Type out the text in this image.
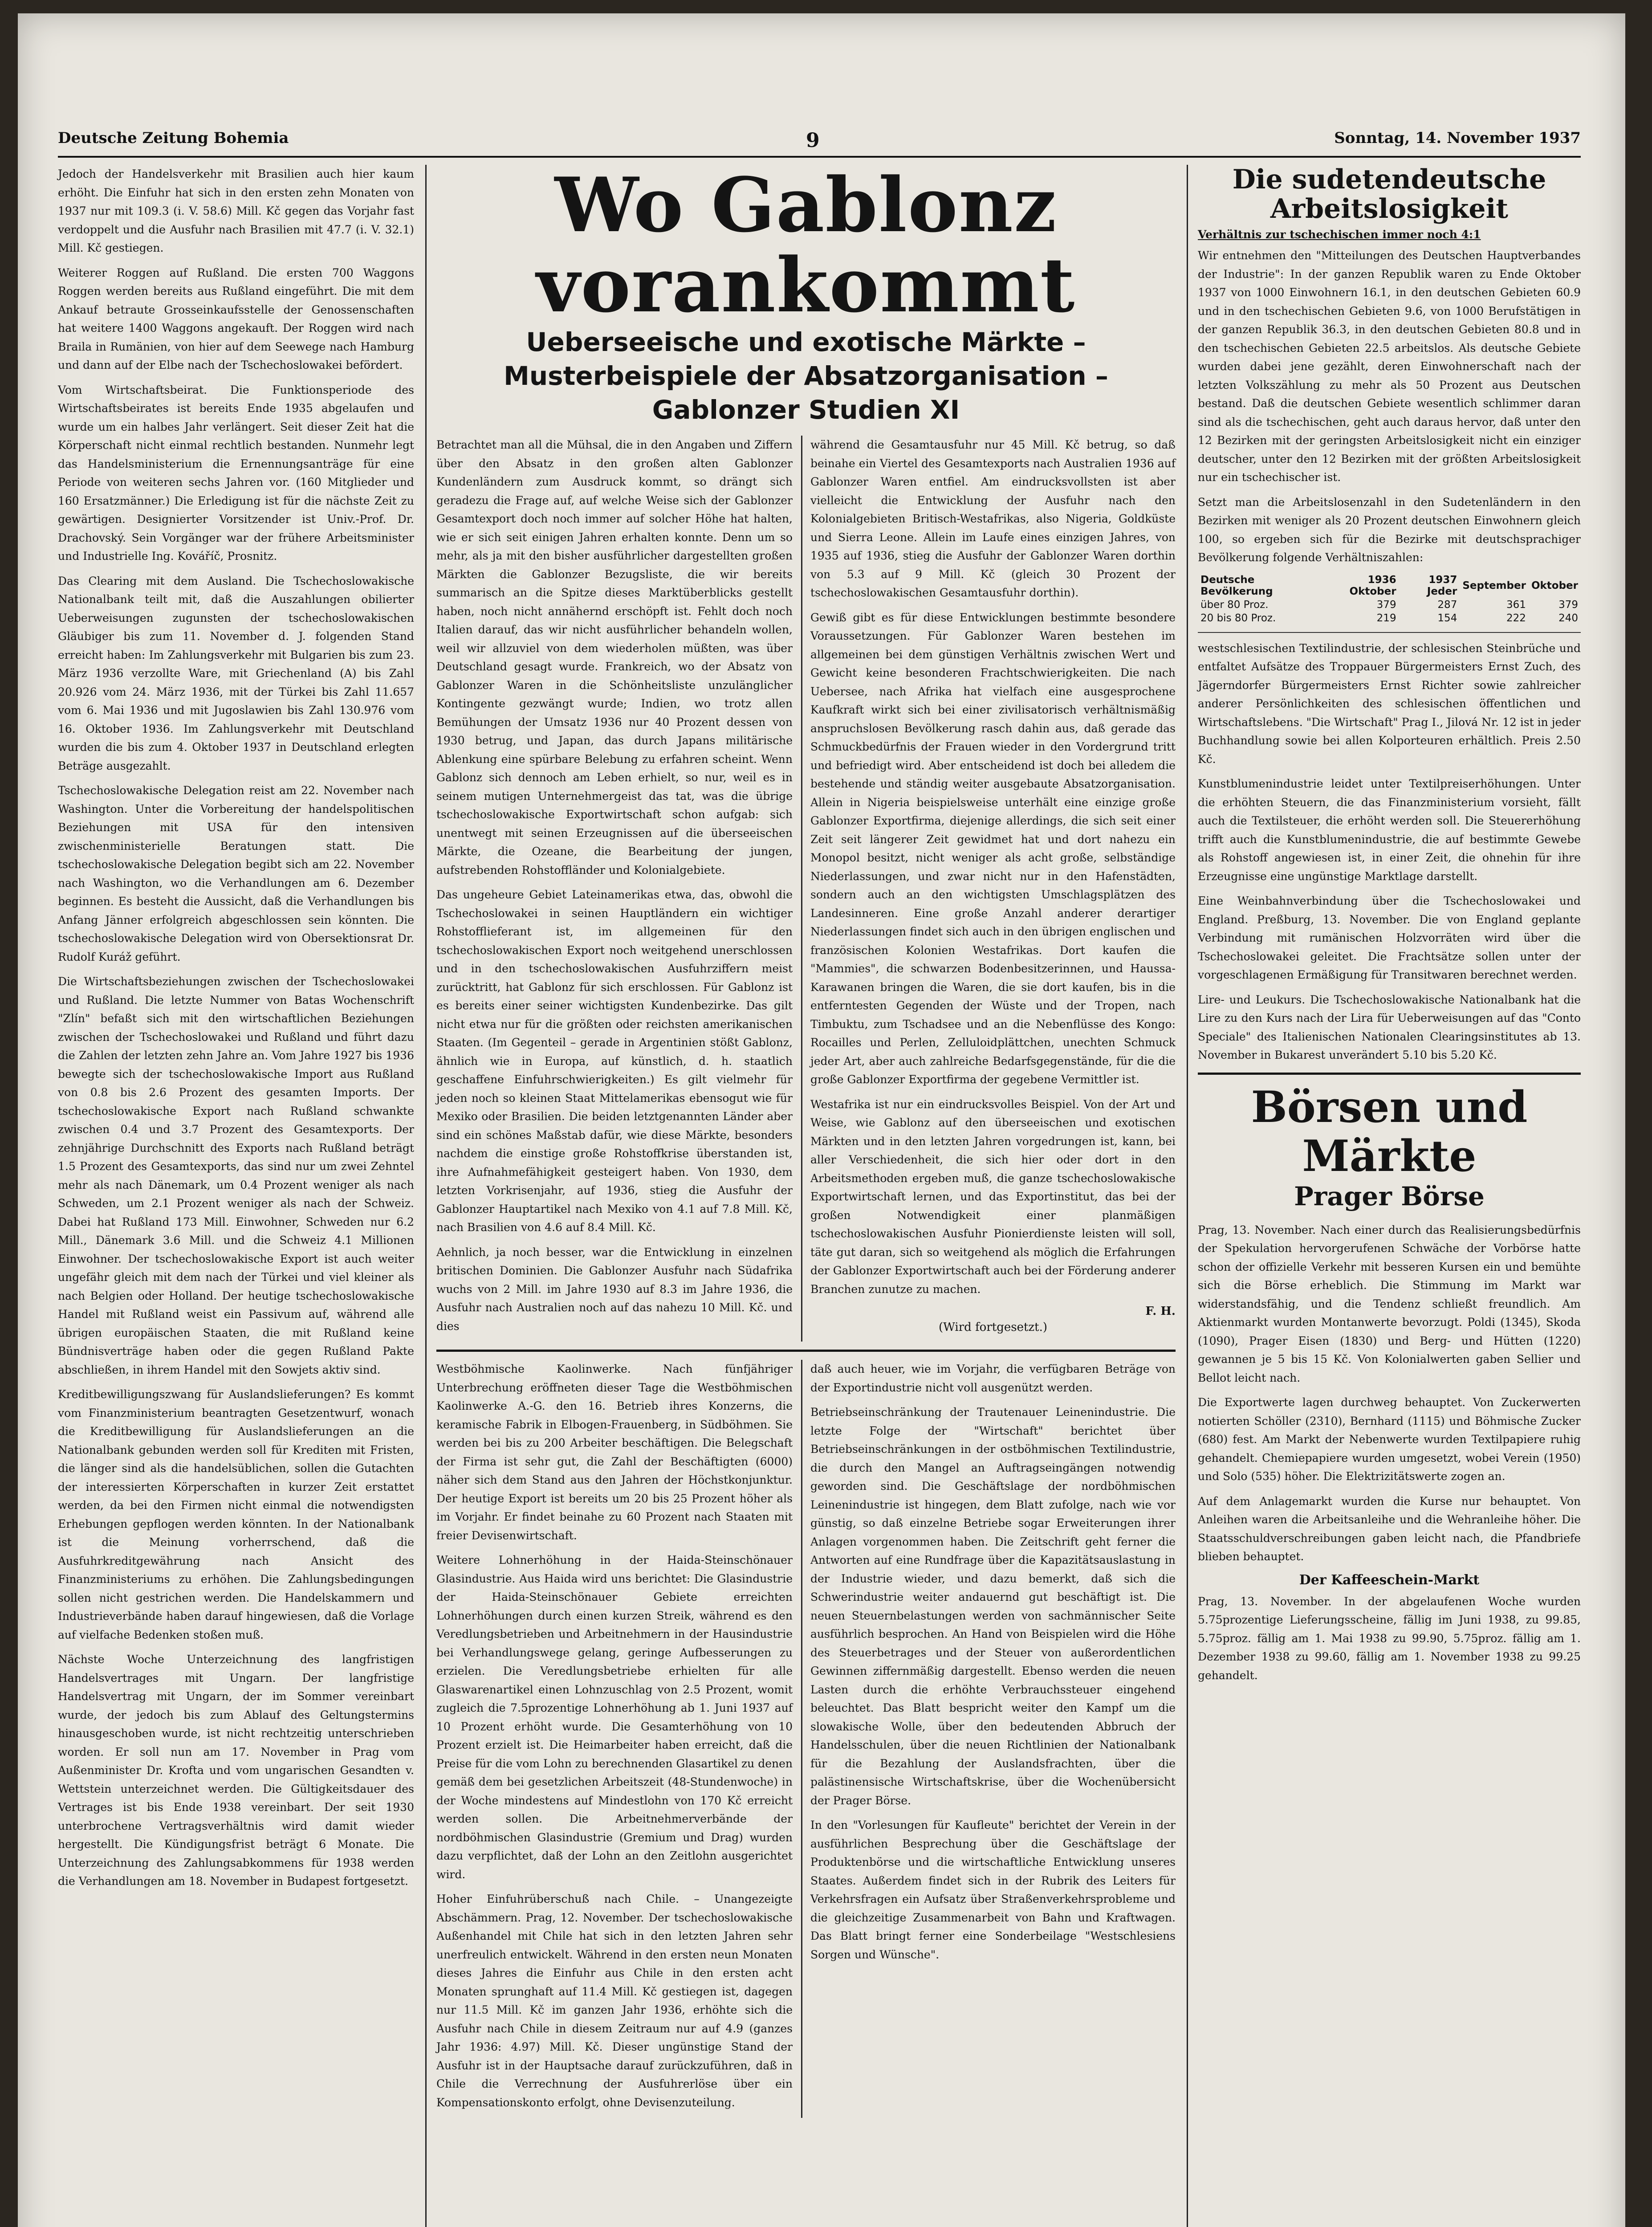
Deutsche Zeitung Bohemia	9	Sonntag, 14. November 1937

Jedoch der Handelsverkehr mit Brasilien auch hier kaum erhöht. Die Einfuhr hat sich in den ersten zehn Monaten von 1937 nur mit 109.3 (i. V. 58.6) Mill. Kč gegen das Vorjahr fast verdoppelt und die Ausfuhr nach Brasilien mit 47.7 (i. V. 32.1) Mill. Kč gestiegen.

Weiterer Roggen auf Rußland. Die ersten 700 Waggons Roggen werden bereits aus Rußland eingeführt. Die mit dem Ankauf betraute Grosseinkaufsstelle der Genossenschaften hat weitere 1400 Waggons angekauft. Der Roggen wird nach Braila in Rumänien, von hier auf dem Seewege nach Hamburg und dann auf der Elbe nach der Tschechoslowakei befördert.

Vom Wirtschaftsbeirat. Die Funktionsperiode des Wirtschaftsbeirates ist bereits Ende 1935 abgelaufen und wurde um ein halbes Jahr verlängert. Seit dieser Zeit hat die Körperschaft nicht einmal rechtlich bestanden. Nunmehr legt das Handelsministerium die Ernennungsanträge für eine Periode von weiteren sechs Jahren vor. (160 Mitglieder und 160 Ersatzmänner.) Die Erledigung ist für die nächste Zeit zu gewärtigen. Designierter Vorsitzender ist Univ.-Prof. Dr. Drachovský. Sein Vorgänger war der frühere Arbeitsminister und Industrielle Ing. Kováříč, Prosnitz.

Das Clearing mit dem Ausland. Die Tschechoslowakische Nationalbank teilt mit, daß die Auszahlungen obilierter Ueberweisungen zugunsten der tschechoslowakischen Gläubiger bis zum 11. November d. J. folgenden Stand erreicht haben: Im Zahlungsverkehr mit Bulgarien bis zum 23. März 1936 verzollte Ware, mit Griechenland (A) bis Zahl 20.926 vom 24. März 1936, mit der Türkei bis Zahl 11.657 vom 6. Mai 1936 und mit Jugoslawien bis Zahl 130.976 vom 16. Oktober 1936. Im Zahlungsverkehr mit Deutschland wurden die bis zum 4. Oktober 1937 in Deutschland erlegten Beträge ausgezahlt.

Tschechoslowakische Delegation reist am 22. November nach Washington. Unter die Vorbereitung der handelspolitischen Beziehungen mit USA für den intensiven zwischenministerielle Beratungen statt. Die tschechoslowakische Delegation begibt sich am 22. November nach Washington, wo die Verhandlungen am 6. Dezember beginnen. Es besteht die Aussicht, daß die Verhandlungen bis Anfang Jänner erfolgreich abgeschlossen sein könnten. Die tschechoslowakische Delegation wird von Obersektionsrat Dr. Rudolf Kuráž geführt.

Die Wirtschaftsbeziehungen zwischen der Tschechoslowakei und Rußland. Die letzte Nummer von Batas Wochenschrift "Zlín" befaßt sich mit den wirtschaftlichen Beziehungen zwischen der Tschechoslowakei und Rußland und führt dazu die Zahlen der letzten zehn Jahre an. Vom Jahre 1927 bis 1936 bewegte sich der tschechoslowakische Import aus Rußland von 0.8 bis 2.6 Prozent des gesamten Imports. Der tschechoslowakische Export nach Rußland schwankte zwischen 0.4 und 3.7 Prozent des Gesamtexports. Der zehnjährige Durchschnitt des Exports nach Rußland beträgt 1.5 Prozent des Gesamtexports, das sind nur um zwei Zehntel mehr als nach Dänemark, um 0.4 Prozent weniger als nach Schweden, um 2.1 Prozent weniger als nach der Schweiz. Dabei hat Rußland 173 Mill. Einwohner, Schweden nur 6.2 Mill., Dänemark 3.6 Mill. und die Schweiz 4.1 Millionen Einwohner. Der tschechoslowakische Export ist auch weiter ungefähr gleich mit dem nach der Türkei und viel kleiner als nach Belgien oder Holland. Der heutige tschechoslowakische Handel mit Rußland weist ein Passivum auf, während alle übrigen europäischen Staaten, die mit Rußland keine Bündnisverträge haben oder die gegen Rußland Pakte abschließen, in ihrem Handel mit den Sowjets aktiv sind.

Kreditbewilligungszwang für Auslandslieferungen? Es kommt vom Finanzministerium beantragten Gesetzentwurf, wonach die Kreditbewilligung für Auslandslieferungen an die Nationalbank gebunden werden soll für Krediten mit Fristen, die länger sind als die handelsüblichen, sollen die Gutachten der interessierten Körperschaften in kurzer Zeit erstattet werden, da bei den Firmen nicht einmal die notwendigsten Erhebungen gepflogen werden könnten. In der Nationalbank ist die Meinung vorherrschend, daß die Ausfuhrkreditgewährung nach Ansicht des Finanzministeriums zu erhöhen. Die Zahlungsbedingungen sollen nicht gestrichen werden. Die Handelskammern und Industrieverbände haben darauf hingewiesen, daß die Vorlage auf vielfache Bedenken stoßen muß.

Nächste Woche Unterzeichnung des langfristigen Handelsvertrages mit Ungarn. Der langfristige Handelsvertrag mit Ungarn, der im Sommer vereinbart wurde, der jedoch bis zum Ablauf des Geltungstermins hinausgeschoben wurde, ist nicht rechtzeitig unterschrieben worden. Er soll nun am 17. November in Prag vom Außenminister Dr. Krofta und vom ungarischen Gesandten v. Wettstein unterzeichnet werden. Die Gültigkeitsdauer des Vertrages ist bis Ende 1938 vereinbart. Der seit 1930 unterbrochene Vertragsverhältnis wird damit wieder hergestellt. Die Kündigungsfrist beträgt 6 Monate. Die Unterzeichnung des Zahlungsabkommens für 1938 werden die Verhandlungen am 18. November in Budapest fortgesetzt.

Wo Gablonz vorankommt

Ueberseeische und exotische Märkte – Musterbeispiele der Absatzorganisation – Gablonzer Studien XI

Betrachtet man all die Mühsal, die in den Angaben und Ziffern über den Absatz in den großen alten Gablonzer Kundenländern zum Ausdruck kommt, so drängt sich geradezu die Frage auf, auf welche Weise sich der Gablonzer Gesamtexport doch noch immer auf solcher Höhe hat halten, wie er sich seit einigen Jahren erhalten konnte. Denn um so mehr, als ja mit den bisher ausführlicher dargestellten großen Märkten die Gablonzer Bezugsliste, die wir bereits summarisch an die Spitze dieses Marktüberblicks gestellt haben, noch nicht annähernd erschöpft ist. Fehlt doch noch Italien darauf, das wir nicht ausführlicher behandeln wollen, weil wir allzuviel von dem wiederholen müßten, was über Deutschland gesagt wurde. Frankreich, wo der Absatz von Gablonzer Waren in die Schönheitsliste unzulänglicher Kontingente gezwängt wurde; Indien, wo trotz allen Bemühungen der Umsatz 1936 nur 40 Prozent dessen von 1930 betrug, und Japan, das durch Japans militärische Ablenkung eine spürbare Belebung zu erfahren scheint. Wenn Gablonz sich dennoch am Leben erhielt, so nur, weil es in seinem mutigen Unternehmergeist das tat, was die übrige tschechoslowakische Exportwirtschaft schon aufgab: sich unentwegt mit seinen Erzeugnissen auf die überseeischen Märkte, die Ozeane, die Bearbeitung der jungen, aufstrebenden Rohstoffländer und Kolonialgebiete.

Das ungeheure Gebiet Lateinamerikas etwa, das, obwohl die Tschechoslowakei in seinen Hauptländern ein wichtiger Rohstofflieferant ist, im allgemeinen für den tschechoslowakischen Export noch weitgehend unerschlossen und in den tschechoslowakischen Ausfuhrziffern meist zurücktritt, hat Gablonz für sich erschlossen. Für Gablonz ist es bereits einer seiner wichtigsten Kundenbezirke. Das gilt nicht etwa nur für die größten oder reichsten amerikanischen Staaten. (Im Gegenteil – gerade in Argentinien stößt Gablonz, ähnlich wie in Europa, auf künstlich, d. h. staatlich geschaffene Einfuhrschwierigkeiten.) Es gilt vielmehr für jeden noch so kleinen Staat Mittelamerikas ebensogut wie für Mexiko oder Brasilien. Die beiden letztgenannten Länder aber sind ein schönes Maßstab dafür, wie diese Märkte, besonders nachdem die einstige große Rohstoffkrise überstanden ist, ihre Aufnahmefähigkeit gesteigert haben. Von 1930, dem letzten Vorkrisenjahr, auf 1936, stieg die Ausfuhr der Gablonzer Hauptartikel nach Mexiko von 4.1 auf 7.8 Mill. Kč, nach Brasilien von 4.6 auf 8.4 Mill. Kč.

Aehnlich, ja noch besser, war die Entwicklung in einzelnen britischen Dominien. Die Gablonzer Ausfuhr nach Südafrika wuchs von 2 Mill. im Jahre 1930 auf 8.3 im Jahre 1936, die Ausfuhr nach Australien noch auf das nahezu 10 Mill. Kč. und dies

während die Gesamtausfuhr nur 45 Mill. Kč betrug, so daß beinahe ein Viertel des Gesamtexports nach Australien 1936 auf Gablonzer Waren entfiel. Am eindrucksvollsten ist aber vielleicht die Entwicklung der Ausfuhr nach den Kolonialgebieten Britisch-Westafrikas, also Nigeria, Goldküste und Sierra Leone. Allein im Laufe eines einzigen Jahres, von 1935 auf 1936, stieg die Ausfuhr der Gablonzer Waren dorthin von 5.3 auf 9 Mill. Kč (gleich 30 Prozent der tschechoslowakischen Gesamtausfuhr dorthin).

Gewiß gibt es für diese Entwicklungen bestimmte besondere Voraussetzungen. Für Gablonzer Waren bestehen im allgemeinen bei dem günstigen Verhältnis zwischen Wert und Gewicht keine besonderen Frachtschwierigkeiten. Die nach Uebersee, nach Afrika hat vielfach eine ausgesprochene Kaufkraft wirkt sich bei einer zivilisatorisch verhältnismäßig anspruchslosen Bevölkerung rasch dahin aus, daß gerade das Schmuckbedürfnis der Frauen wieder in den Vordergrund tritt und befriedigt wird. Aber entscheidend ist doch bei alledem die bestehende und ständig weiter ausgebaute Absatzorganisation. Allein in Nigeria beispielsweise unterhält eine einzige große Gablonzer Exportfirma, diejenige allerdings, die sich seit einer Zeit seit längerer Zeit gewidmet hat und dort nahezu ein Monopol besitzt, nicht weniger als acht große, selbständige Niederlassungen, und zwar nicht nur in den Hafenstädten, sondern auch an den wichtigsten Umschlagsplätzen des Landesinneren. Eine große Anzahl anderer derartiger Niederlassungen findet sich auch in den übrigen englischen und französischen Kolonien Westafrikas. Dort kaufen die "Mammies", die schwarzen Bodenbesitzerinnen, und Haussa-Karawanen bringen die Waren, die sie dort kaufen, bis in die entferntesten Gegenden der Wüste und der Tropen, nach Timbuktu, zum Tschadsee und an die Nebenflüsse des Kongo: Rocailles und Perlen, Zelluloidplättchen, unechten Schmuck jeder Art, aber auch zahlreiche Bedarfsgegenstände, für die die große Gablonzer Exportfirma der gegebene Vermittler ist.

Westafrika ist nur ein eindrucksvolles Beispiel. Von der Art und Weise, wie Gablonz auf den überseeischen und exotischen Märkten und in den letzten Jahren vorgedrungen ist, kann, bei aller Verschiedenheit, die sich hier oder dort in den Arbeitsmethoden ergeben muß, die ganze tschechoslowakische Exportwirtschaft lernen, und das Exportinstitut, das bei der großen Notwendigkeit einer planmäßigen tschechoslowakischen Ausfuhr Pionierdienste leisten will soll, täte gut daran, sich so weitgehend als möglich die Erfahrungen der Gablonzer Exportwirtschaft auch bei der Förderung anderer Branchen zunutze zu machen.

F. H.

(Wird fortgesetzt.)

Westböhmische Kaolinwerke. Nach fünfjähriger Unterbrechung eröffneten dieser Tage die Westböhmischen Kaolinwerke A.-G. den 16. Betrieb ihres Konzerns, die keramische Fabrik in Elbogen-Frauenberg, in Südböhmen. Sie werden bei bis zu 200 Arbeiter beschäftigen. Die Belegschaft der Firma ist sehr gut, die Zahl der Beschäftigten (6000) näher sich dem Stand aus den Jahren der Höchstkonjunktur. Der heutige Export ist bereits um 20 bis 25 Prozent höher als im Vorjahr. Er findet beinahe zu 60 Prozent nach Staaten mit freier Devisenwirtschaft.

Weitere Lohnerhöhung in der Haida-Steinschönauer Glasindustrie. Aus Haida wird uns berichtet: Die Glasindustrie der Haida-Steinschönauer Gebiete erreichten Lohnerhöhungen durch einen kurzen Streik, während es den Veredlungsbetrieben und Arbeitnehmern in der Hausindustrie bei Verhandlungswege gelang, geringe Aufbesserungen zu erzielen. Die Veredlungsbetriebe erhielten für alle Glaswarenartikel einen Lohnzuschlag von 2.5 Prozent, womit zugleich die 7.5prozentige Lohnerhöhung ab 1. Juni 1937 auf 10 Prozent erhöht wurde. Die Gesamterhöhung von 10 Prozent erzielt ist. Die Heimarbeiter haben erreicht, daß die Preise für die vom Lohn zu berechnenden Glasartikel zu denen gemäß dem bei gesetzlichen Arbeitszeit (48-Stundenwoche) in der Woche mindestens auf Mindestlohn von 170 Kč erreicht werden sollen. Die Arbeitnehmerverbände der nordböhmischen Glasindustrie (Gremium und Drag) wurden dazu verpflichtet, daß der Lohn an den Zeitlohn ausgerichtet wird.

Hoher Einfuhrüberschuß nach Chile. – Unangezeigte Abschämmern. Prag, 12. November. Der tschechoslowakische Außenhandel mit Chile hat sich in den letzten Jahren sehr unerfreulich entwickelt. Während in den ersten neun Monaten dieses Jahres die Einfuhr aus Chile in den ersten acht Monaten sprunghaft auf 11.4 Mill. Kč gestiegen ist, dagegen nur 11.5 Mill. Kč im ganzen Jahr 1936, erhöhte sich die Ausfuhr nach Chile in diesem Zeitraum nur auf 4.9 (ganzes Jahr 1936: 4.97) Mill. Kč. Dieser ungünstige Stand der Ausfuhr ist in der Hauptsache darauf zurückzuführen, daß in Chile die Verrechnung der Ausfuhrerlöse über ein Kompensationskonto erfolgt, ohne Devisenzuteilung.

daß auch heuer, wie im Vorjahr, die verfügbaren Beträge von der Exportindustrie nicht voll ausgenützt werden.

Betriebseinschränkung der Trautenauer Leinenindustrie. Die letzte Folge der "Wirtschaft" berichtet über Betriebseinschränkungen in der ostböhmischen Textilindustrie, die durch den Mangel an Auftragseingängen notwendig geworden sind. Die Geschäftslage der nordböhmischen Leinenindustrie ist hingegen, dem Blatt zufolge, nach wie vor günstig, so daß einzelne Betriebe sogar Erweiterungen ihrer Anlagen vorgenommen haben. Die Zeitschrift geht ferner die Antworten auf eine Rundfrage über die Kapazitätsauslastung in der Industrie wieder, und dazu bemerkt, daß sich die Schwerindustrie weiter andauernd gut beschäftigt ist. Die neuen Steuernbelastungen werden von sachmännischer Seite ausführlich besprochen. An Hand von Beispielen wird die Höhe des Steuerbetrages und der Steuer von außerordentlichen Gewinnen ziffernmäßig dargestellt. Ebenso werden die neuen Lasten durch die erhöhte Verbrauchssteuer eingehend beleuchtet. Das Blatt bespricht weiter den Kampf um die slowakische Wolle, über den bedeutenden Abbruch der Handelsschulen, über die neuen Richtlinien der Nationalbank für die Bezahlung der Auslandsfrachten, über die palästinensische Wirtschaftskrise, über die Wochenübersicht der Prager Börse.

In den "Vorlesungen für Kaufleute" berichtet der Verein in der ausführlichen Besprechung über die Geschäftslage der Produktenbörse und die wirtschaftliche Entwicklung unseres Staates. Außerdem findet sich in der Rubrik des Leiters für Verkehrsfragen ein Aufsatz über Straßenverkehrsprobleme und die gleichzeitige Zusammenarbeit von Bahn und Kraftwagen. Das Blatt bringt ferner eine Sonderbeilage "Westschlesiens Sorgen und Wünsche".

Die sudetendeutsche Arbeitslosigkeit

Verhältnis zur tschechischen immer noch 4:1

Wir entnehmen den "Mitteilungen des Deutschen Hauptverbandes der Industrie": In der ganzen Republik waren zu Ende Oktober 1937 von 1000 Einwohnern 16.1, in den deutschen Gebieten 60.9 und in den tschechischen Gebieten 9.6, von 1000 Berufstätigen in der ganzen Republik 36.3, in den deutschen Gebieten 80.8 und in den tschechischen Gebieten 22.5 arbeitslos. Als deutsche Gebiete wurden dabei jene gezählt, deren Einwohnerschaft nach der letzten Volkszählung zu mehr als 50 Prozent aus Deutschen bestand. Daß die deutschen Gebiete wesentlich schlimmer daran sind als die tschechischen, geht auch daraus hervor, daß unter den 12 Bezirken mit der geringsten Arbeitslosigkeit nicht ein einziger deutscher, unter den 12 Bezirken mit der größten Arbeitslosigkeit nur ein tschechischer ist.

Setzt man die Arbeitslosenzahl in den Sudetenländern in den Bezirken mit weniger als 20 Prozent deutschen Einwohnern gleich 100, so ergeben sich für die Bezirke mit deutschsprachiger Bevölkerung folgende Verhältniszahlen:

Deutsche Bevölkerung	1936 Oktober	1937 Jeder	September	Oktober
über 80 Proz.	379	287	361	379
20 bis 80 Proz.	219	154	222	240

westschlesischen Textilindustrie, der schlesischen Steinbrüche und entfaltet Aufsätze des Troppauer Bürgermeisters Ernst Zuch, des Jägerndorfer Bürgermeisters Ernst Richter sowie zahlreicher anderer Persönlichkeiten des schlesischen öffentlichen und Wirtschaftslebens. "Die Wirtschaft" Prag I., Jilová Nr. 12 ist in jeder Buchhandlung sowie bei allen Kolporteuren erhältlich. Preis 2.50 Kč.

Kunstblumenindustrie leidet unter Textilpreiserhöhungen. Unter die erhöhten Steuern, die das Finanzministerium vorsieht, fällt auch die Textilsteuer, die erhöht werden soll. Die Steuererhöhung trifft auch die Kunstblumenindustrie, die auf bestimmte Gewebe als Rohstoff angewiesen ist, in einer Zeit, die ohnehin für ihre Erzeugnisse eine ungünstige Marktlage darstellt.

Eine Weinbahnverbindung über die Tschechoslowakei und England. Preßburg, 13. November. Die von England geplante Verbindung mit rumänischen Holzvorräten wird über die Tschechoslowakei geleitet. Die Frachtsätze sollen unter der vorgeschlagenen Ermäßigung für Transitwaren berechnet werden.

Lire- und Leukurs. Die Tschechoslowakische Nationalbank hat die Lire zu den Kurs nach der Lira für Ueberweisungen auf das "Conto Speciale" des Italienischen Nationalen Clearingsinstitutes ab 13. November in Bukarest unverändert 5.10 bis 5.20 Kč.

Börsen und Märkte
Prager Börse

Prag, 13. November. Nach einer durch das Realisierungsbedürfnis der Spekulation hervorgerufenen Schwäche der Vorbörse hatte schon der offizielle Verkehr mit besseren Kursen ein und bemühte sich die Börse erheblich. Die Stimmung im Markt war widerstandsfähig, und die Tendenz schließt freundlich. Am Aktienmarkt wurden Montanwerte bevorzugt. Poldi (1345), Skoda (1090), Prager Eisen (1830) und Berg- und Hütten (1220) gewannen je 5 bis 15 Kč. Von Kolonialwerten gaben Sellier und Bellot leicht nach.

Die Exportwerte lagen durchweg behauptet. Von Zuckerwerten notierten Schöller (2310), Bernhard (1115) und Böhmische Zucker (680) fest. Am Markt der Nebenwerte wurden Textilpapiere ruhig gehandelt. Chemiepapiere wurden umgesetzt, wobei Verein (1950) und Solo (535) höher. Die Elektrizitätswerte zogen an.

Auf dem Anlagemarkt wurden die Kurse nur behauptet. Von Anleihen waren die Arbeitsanleihe und die Wehranleihe höher. Die Staatsschuldverschreibungen gaben leicht nach, die Pfandbriefe blieben behauptet.

Der Kaffeeschein-Markt

Prag, 13. November. In der abgelaufenen Woche wurden 5.75prozentige Lieferungsscheine, fällig im Juni 1938, zu 99.85, 5.75proz. fällig am 1. Mai 1938 zu 99.90, 5.75proz. fällig am 1. Dezember 1938 zu 99.60, fällig am 1. November 1938 zu 99.25 gehandelt.
